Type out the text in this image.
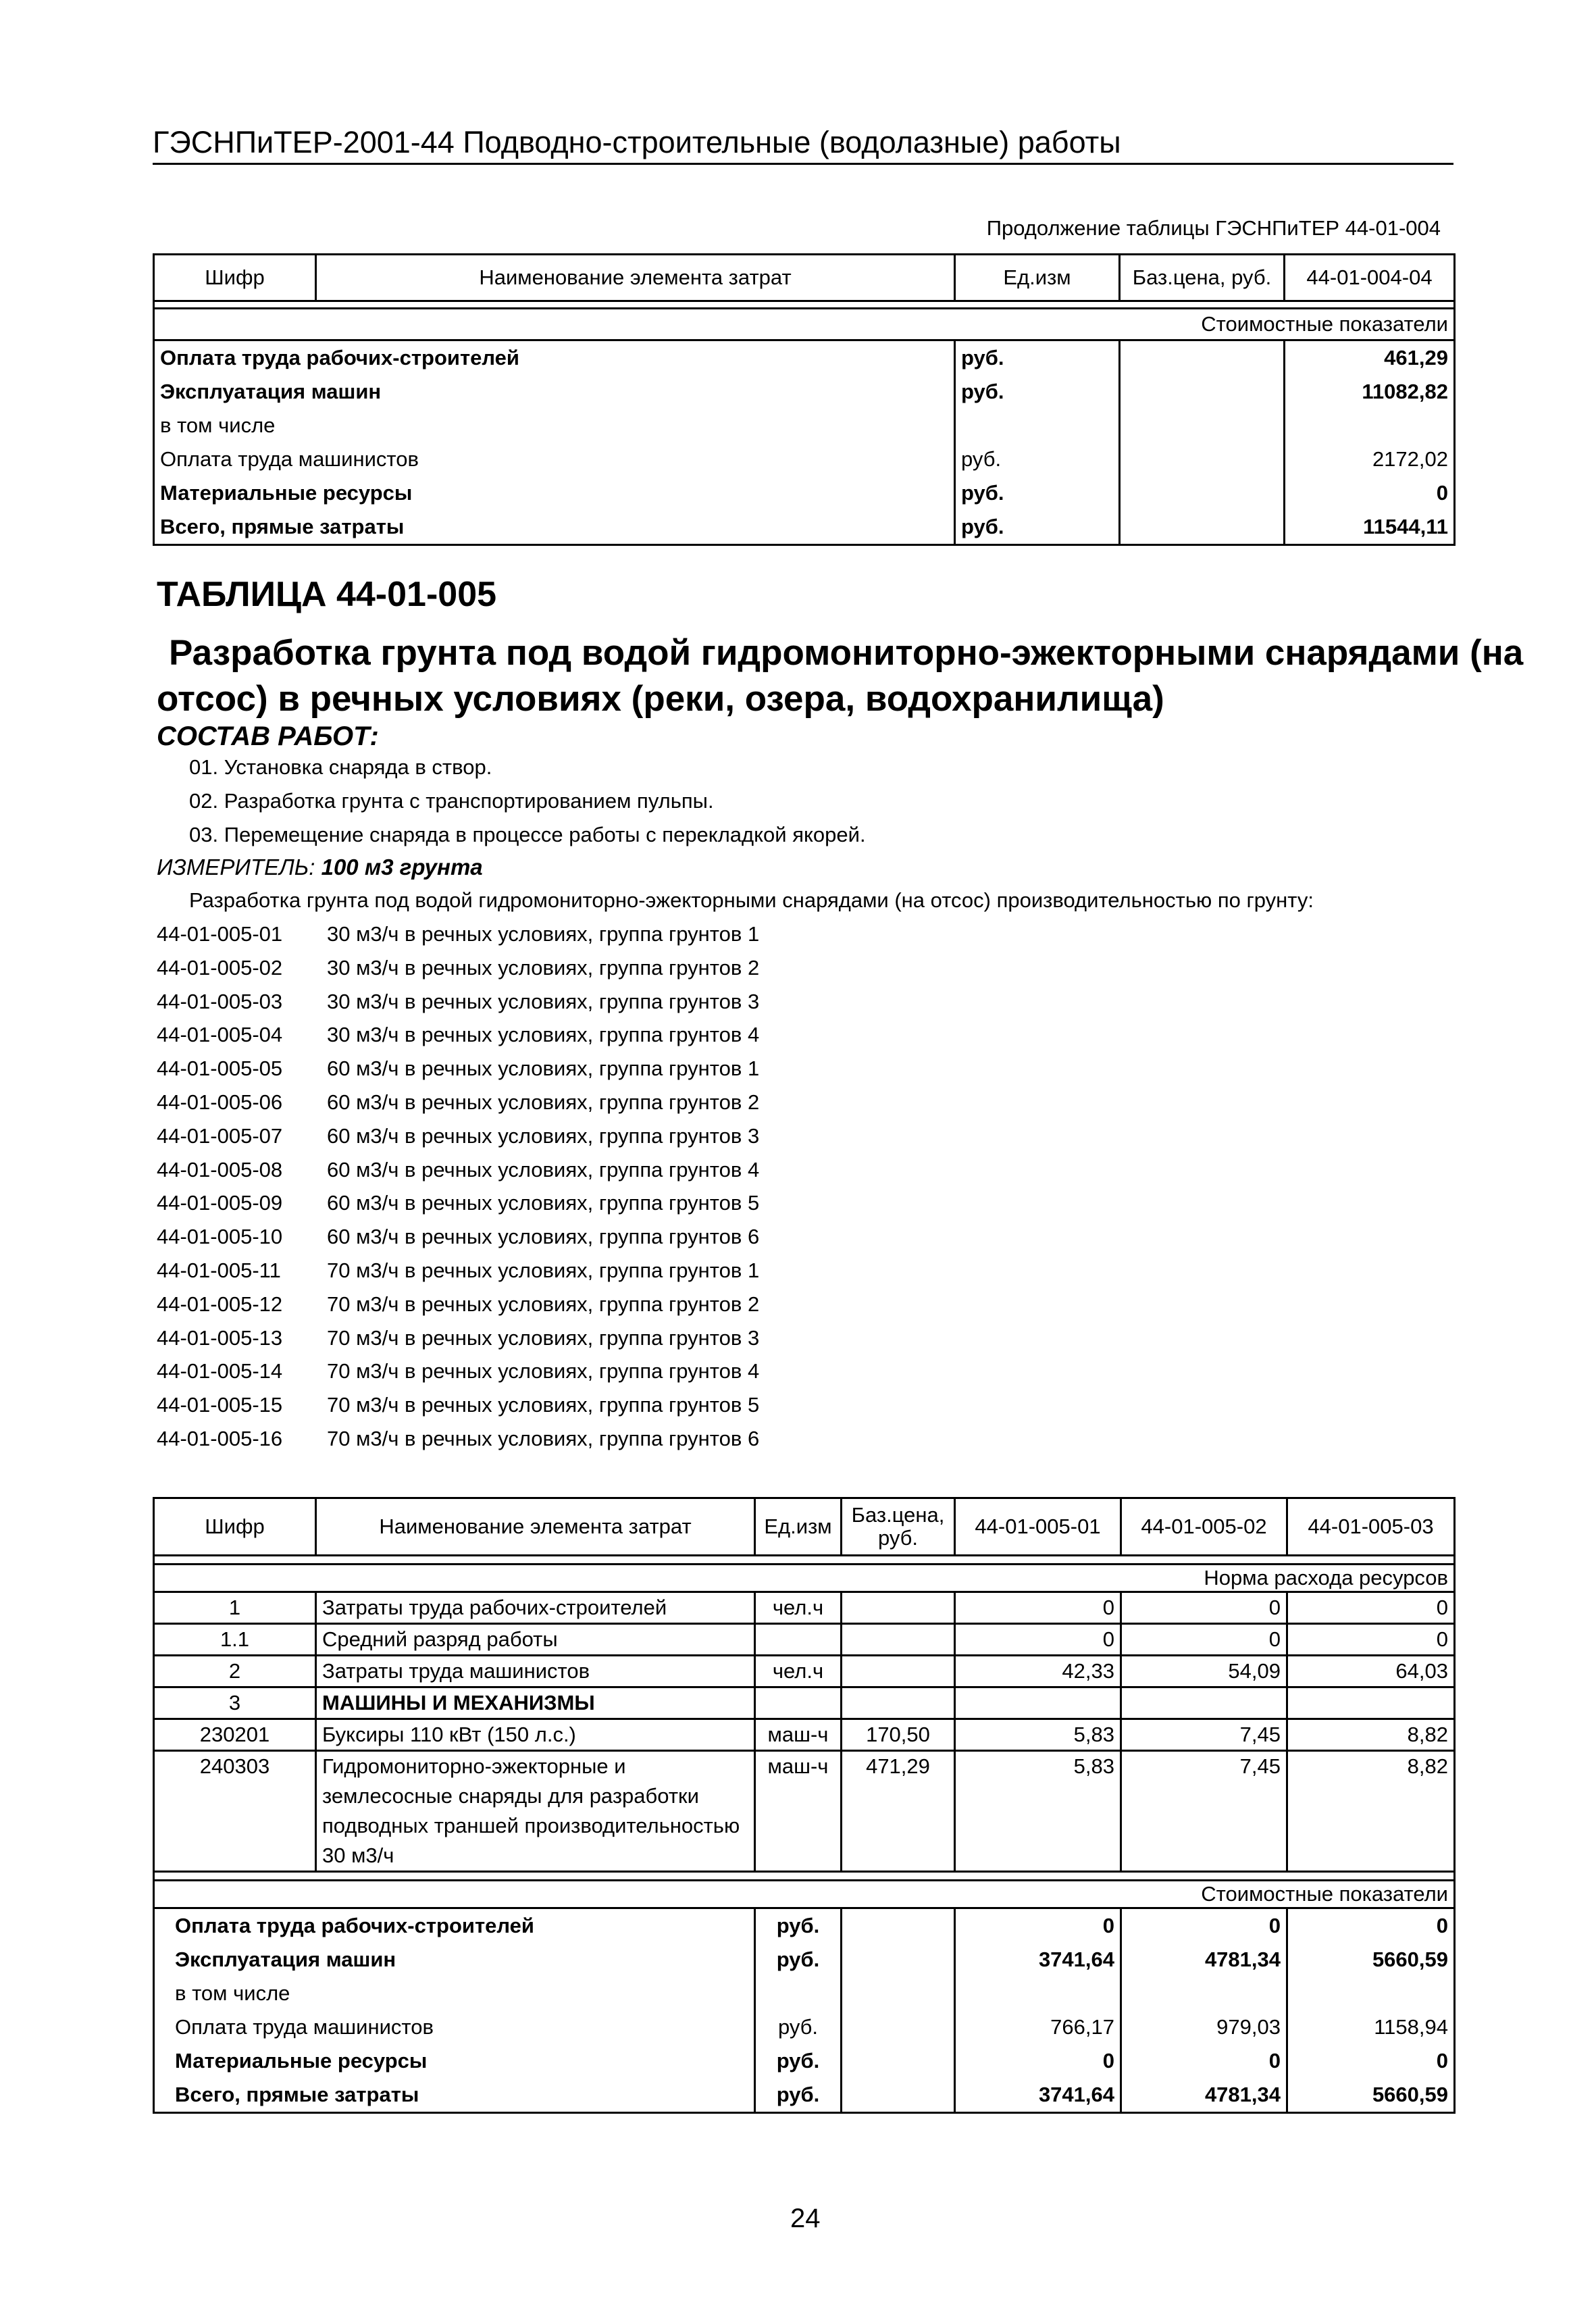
ГЭСНПиТЕР-2001-44 Подводно-строительные (водолазные) работы
Продолжение таблицы ГЭСНПиТЕР 44-01-004
Шифр	Наименование элемента затрат	Ед.изм	Баз.цена, руб.	44-01-004-04

Стоимостные показатели				
Оплата труда рабочих-строителей		руб.		461,29
Эксплуатация машин		руб.		11082,82
в том числе				
Оплата труда машинистов		руб.		2172,02
Материальные ресурсы		руб.		0
Всего, прямые затраты		руб.		11544,11
ТАБЛИЦА 44-01-005
Разработка грунта под водой гидромониторно-эжекторными снарядами (на
отсос) в речных условиях (реки, озера, водохранилища)
СОСТАВ РАБОТ:
01. Установка снаряда в створ.
02. Разработка грунта с транспортированием пульпы.
03. Перемещение снаряда в процессе работы с перекладкой якорей.
ИЗМЕРИТЕЛЬ: 100 м3 грунта
Разработка грунта под водой гидромониторно-эжекторными снарядами (на отсос) производительностью по грунту:
44-01-005-01 30 м3/ч в речных условиях, группа грунтов 1
44-01-005-02 30 м3/ч в речных условиях, группа грунтов 2
44-01-005-03 30 м3/ч в речных условиях, группа грунтов 3
44-01-005-04 30 м3/ч в речных условиях, группа грунтов 4
44-01-005-05 60 м3/ч в речных условиях, группа грунтов 1
44-01-005-06 60 м3/ч в речных условиях, группа грунтов 2
44-01-005-07 60 м3/ч в речных условиях, группа грунтов 3
44-01-005-08 60 м3/ч в речных условиях, группа грунтов 4
44-01-005-09 60 м3/ч в речных условиях, группа грунтов 5
44-01-005-10 60 м3/ч в речных условиях, группа грунтов 6
44-01-005-11 70 м3/ч в речных условиях, группа грунтов 1
44-01-005-12 70 м3/ч в речных условиях, группа грунтов 2
44-01-005-13 70 м3/ч в речных условиях, группа грунтов 3
44-01-005-14 70 м3/ч в речных условиях, группа грунтов 4
44-01-005-15 70 м3/ч в речных условиях, группа грунтов 5
44-01-005-16 70 м3/ч в речных условиях, группа грунтов 6
Шифр	Наименование элемента затрат	Ед.изм	Баз.цена, руб.	44-01-005-01	44-01-005-02	44-01-005-03

Норма расхода ресурсов						
1	Затраты труда рабочих-строителей	чел.ч		0	0	0
1.1	Средний разряд работы			0	0	0
2	Затраты труда машинистов	чел.ч		42,33	54,09	64,03
3	МАШИНЫ И МЕХАНИЗМЫ					
230201	Буксиры 110 кВт (150 л.с.)	маш-ч	170,50	5,83	7,45	8,82
240303	Гидромониторно-эжекторные и землесосные снаряды для разработки подводных траншей производительностью 30 м3/ч	маш-ч	471,29	5,83	7,45	8,82

Стоимостные показатели						
Оплата труда рабочих-строителей		руб.		0	0	0
Эксплуатация машин		руб.		3741,64	4781,34	5660,59
в том числе						
Оплата труда машинистов		руб.		766,17	979,03	1158,94
Материальные ресурсы		руб.		0	0	0
Всего, прямые затраты		руб.		3741,64	4781,34	5660,59
24
